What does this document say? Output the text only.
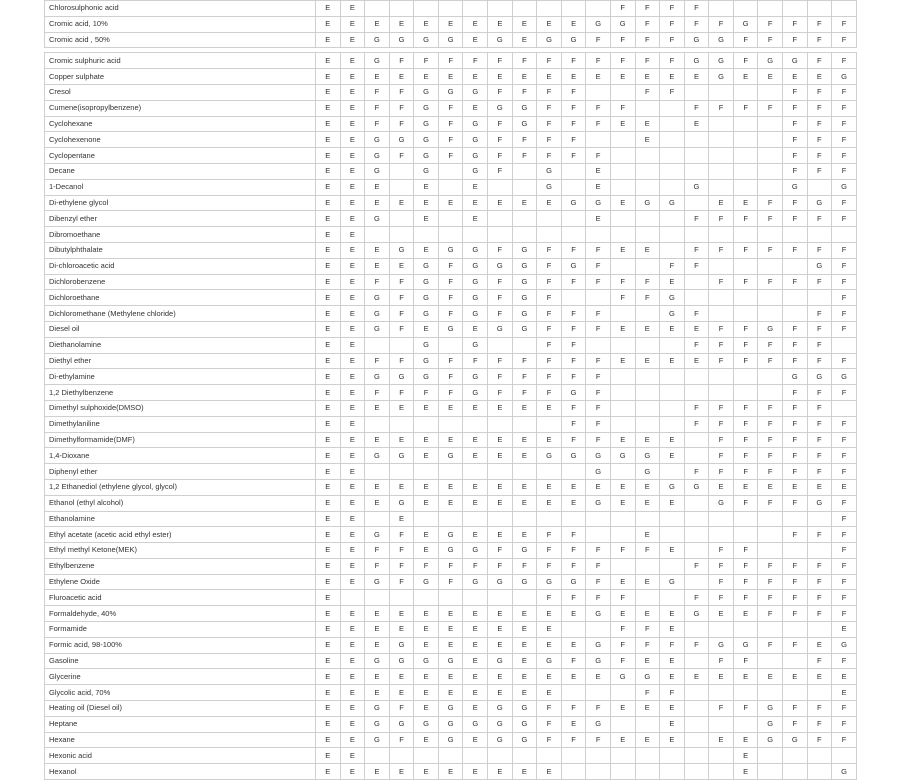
Chlorosulphonic acid	E	E											F	F	F	F						
Cromic acid, 10%	E	E	E	E	E	E	E	E	E	E	E	G	G	F	F	F	F	G	F	F	F	F
Cromic acid , 50%	E	E	G	G	G	G	E	G	E	G	G	F	F	F	F	G	G	F	F	F	F	F

Cromic sulphuric acid	E	E	G	F	F	F	F	F	F	F	F	F	F	F	F	G	G	F	G	G	F	F
Copper sulphate	E	E	E	E	E	E	E	E	E	E	E	E	E	E	E	E	G	E	E	E	E	G
Cresol	E	E	F	F	G	G	G	F	F	F	F			F	F					F	F	F
Cumene(isopropylbenzene)	E	E	F	F	G	F	E	G	G	F	F	F	F			F	F	F	F	F	F	F
Cyclohexane	E	E	F	F	G	F	G	F	G	F	F	F	E	E		E				F	F	F
Cyclohexenone	E	E	G	G	G	F	G	F	F	F	F			E						F	F	F
Cyclopentane	E	E	G	F	G	F	G	F	F	F	F	F								F	F	F
Decane	E	E	G		G		G	F		G		E								F	F	F
1-Decanol	E	E	E		E		E			G		E				G				G		G
Di-ethylene glycol	E	E	E	E	E	E	E	E	E	E	G	G	E	G	G		E	E	F	F	G	F
Dibenzyl ether	E	E	G		E		E					E				F	F	F	F	F	F	F
Dibromoethane	E	E																				
Dibutylphthalate	E	E	E	G	E	G	G	F	G	F	F	F	E	E		F	F	F	F	F	F	F
Di-chloroacetic acid	E	E	E	E	G	F	G	G	G	F	G	F			F	F					G	F
Dichlorobenzene	E	E	F	F	G	F	G	F	G	F	F	F	F	F	E		F	F	F	F	F	F
Dichloroethane	E	E	G	F	G	F	G	F	G	F			F	F	G							F
Dichloromethane (Methylene chloride)	E	E	G	F	G	F	G	F	G	F	F	F			G	F					F	F
Diesel oil	E	E	G	F	E	G	E	G	G	F	F	F	E	E	E	E	F	F	G	F	F	F
Diethanolamine	E	E			G		G			F	F					F	F	F	F	F	F	
Diethyl ether	E	E	F	F	G	F	F	F	F	F	F	F	E	E	E	E	F	F	F	F	F	F
Di-ethylamine	E	E	G	G	G	F	G	F	F	F	F	F								G	G	G
1,2 Diethylbenzene	E	E	F	F	F	F	G	F	F	F	G	F								F	F	F
Dimethyl sulphoxide(DMSO)	E	E	E	E	E	E	E	E	E	E	F	F				F	F	F	F	F	F	
Dimethylaniline	E	E									F	F				F	F	F	F	F	F	F
Dimethylformamide(DMF)	E	E	E	E	E	E	E	E	E	E	F	F	E	E	E		F	F	F	F	F	F
1,4-Dioxane	E	E	G	G	E	G	E	E	E	G	G	G	G	G	E		F	F	F	F	F	F
Diphenyl ether	E	E										G		G		F	F	F	F	F	F	F
1,2 Ethanediol (ethylene glycol, glycol)	E	E	E	E	E	E	E	E	E	E	E	E	E	E	G	G	E	E	E	E	E	E
Ethanol (ethyl alcohol)	E	E	E	G	E	E	E	E	E	E	E	G	E	E	E		G	F	F	F	G	F
Ethanolamine	E	E		E																		F
Ethyl acetate (acetic acid ethyl ester)	E	E	G	F	E	G	E	E	E	F	F			E						F	F	F
Ethyl methyl Ketone(MEK)	E	E	F	F	E	G	G	F	G	F	F	F	F	F	E		F	F				F
Ethylbenzene	E	E	F	F	F	F	F	F	F	F	F	F				F	F	F	F	F	F	F
Ethylene Oxide	E	E	G	F	G	F	G	G	G	G	G	F	E	E	G		F	F	F	F	F	F
Fluroacetic acid	E									F	F	F	F			F	F	F	F	F	F	F
Formaldehyde, 40%	E	E	E	E	E	E	E	E	E	E	E	G	E	E	E	G	E	E	F	F	F	F
Formamide	E	E	E	E	E	E	E	E	E	E			F	F	E							E
Formic acid, 98-100%	E	E	E	G	E	E	E	E	E	E	E	G	F	F	F	F	G	G	F	F	E	G
Gasoline	E	E	G	G	G	G	E	G	E	G	F	G	F	E	E		F	F			F	F
Glycerine	E	E	E	E	E	E	E	E	E	E	E	E	G	G	E	E	E	E	E	E	E	E
Glycolic acid, 70%	E	E	E	E	E	E	E	E	E	E				F	F							E
Heating oil (Diesel oil)	E	E	G	F	E	G	E	G	G	F	F	F	E	E	E		F	F	G	F	F	F
Heptane	E	E	G	G	G	G	G	G	G	F	E	G			E				G	F	F	F
Hexane	E	E	G	F	E	G	E	G	G	F	F	F	E	E	E		E	E	G	G	F	F
Hexonic acid	E	E																E				
Hexanol	E	E	E	E	E	E	E	E	E	E								E				G
